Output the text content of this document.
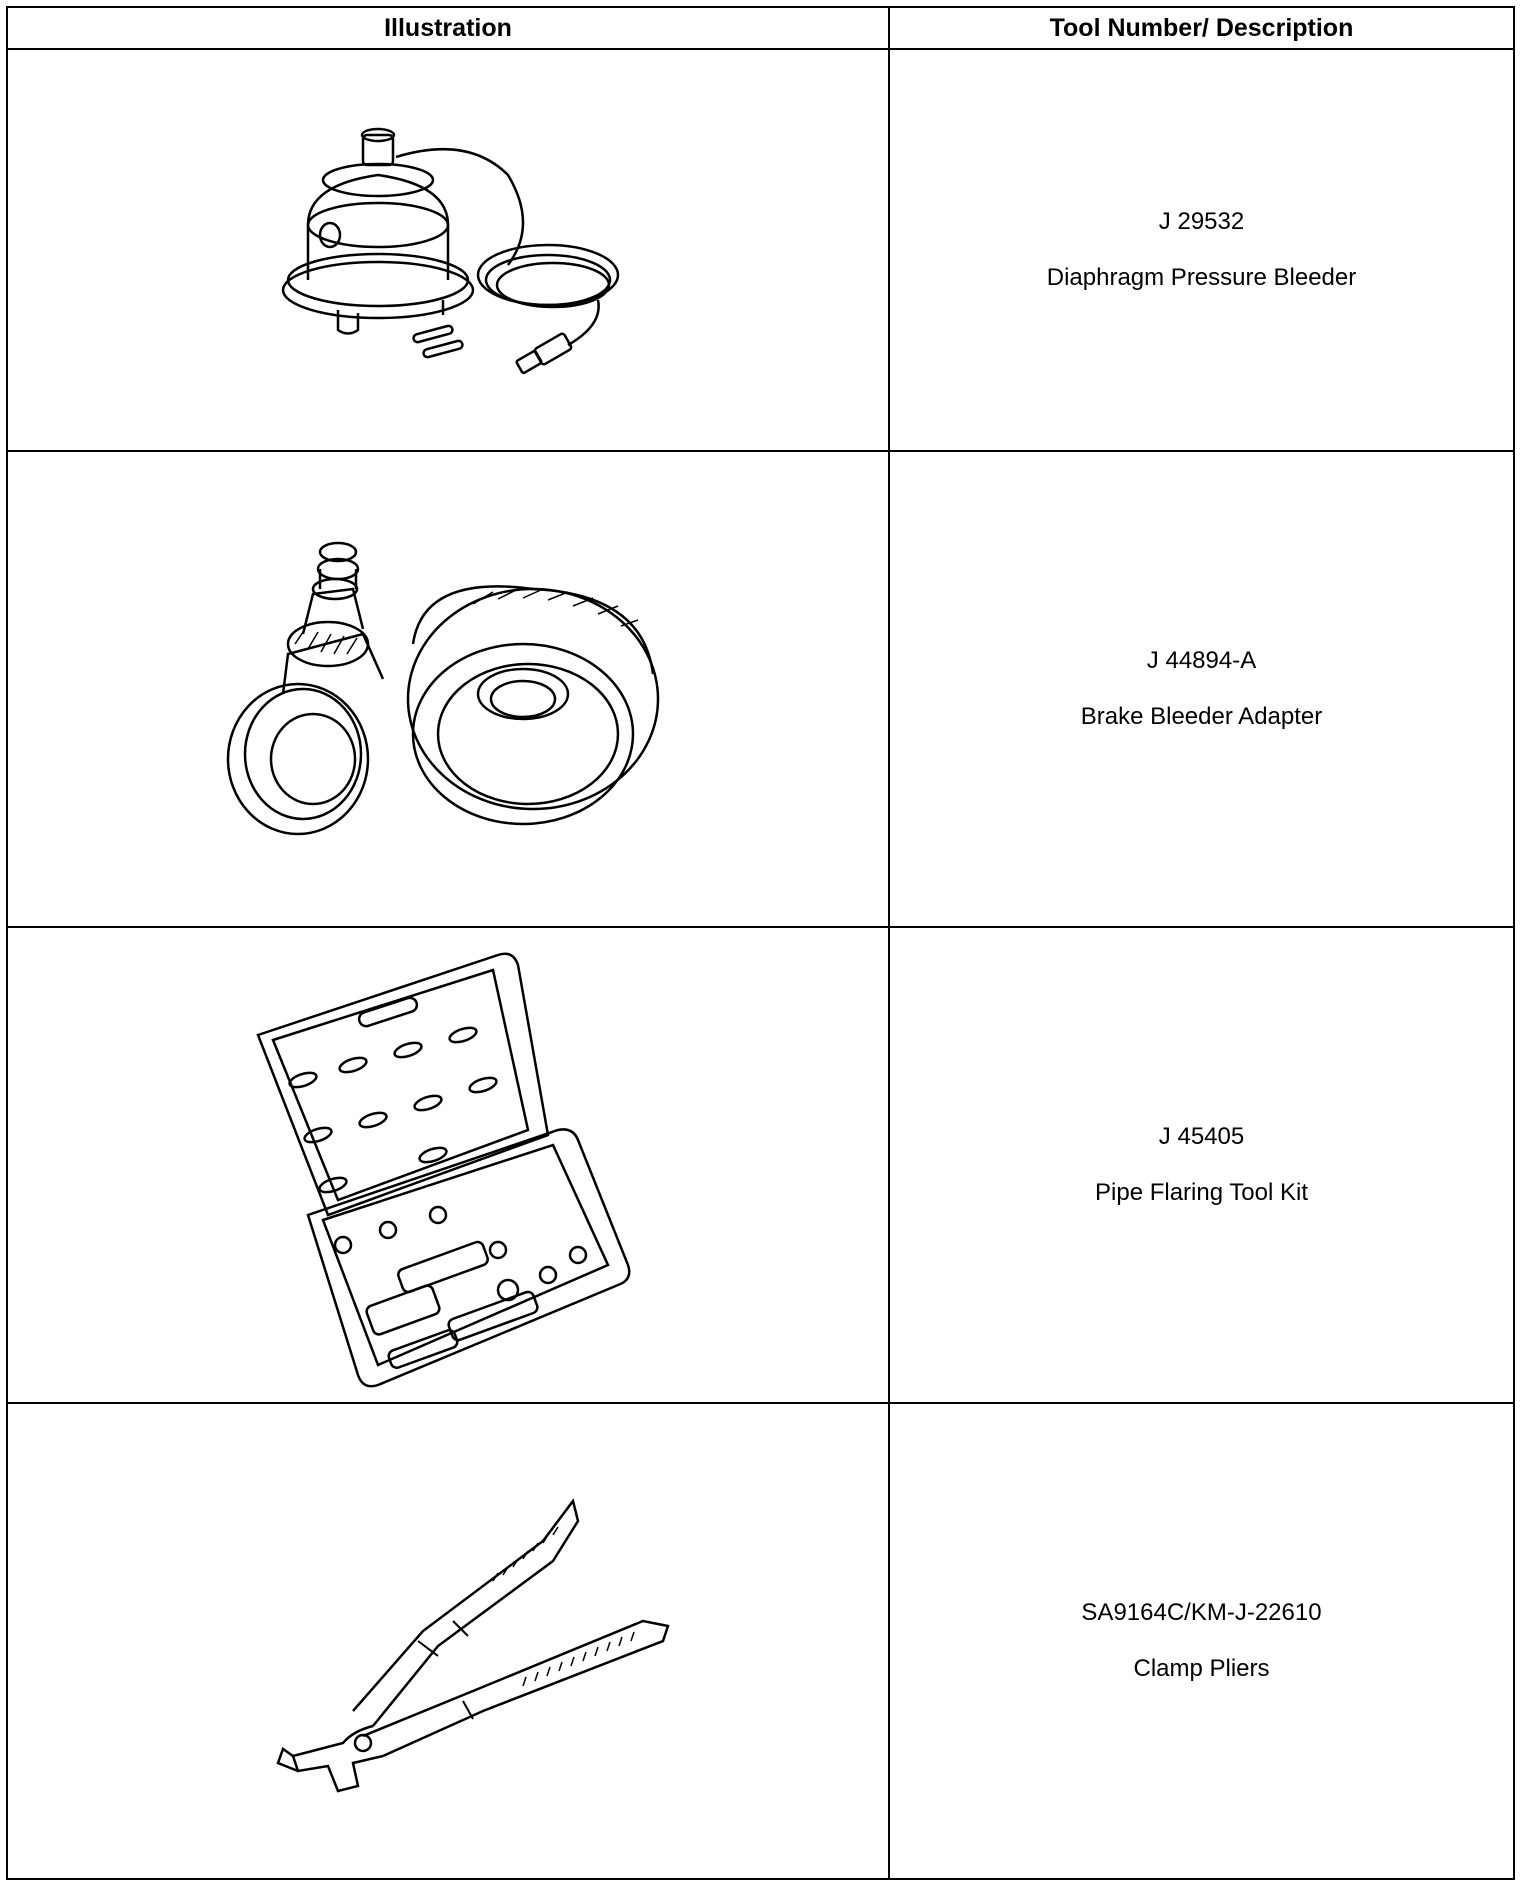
Illustration	Tool Number/ Description

J 29532
Diaphragm Pressure Bleeder

J 44894-A
Brake Bleeder Adapter

J 45405
Pipe Flaring Tool Kit

SA9164C/KM-J-22610
Clamp Pliers
